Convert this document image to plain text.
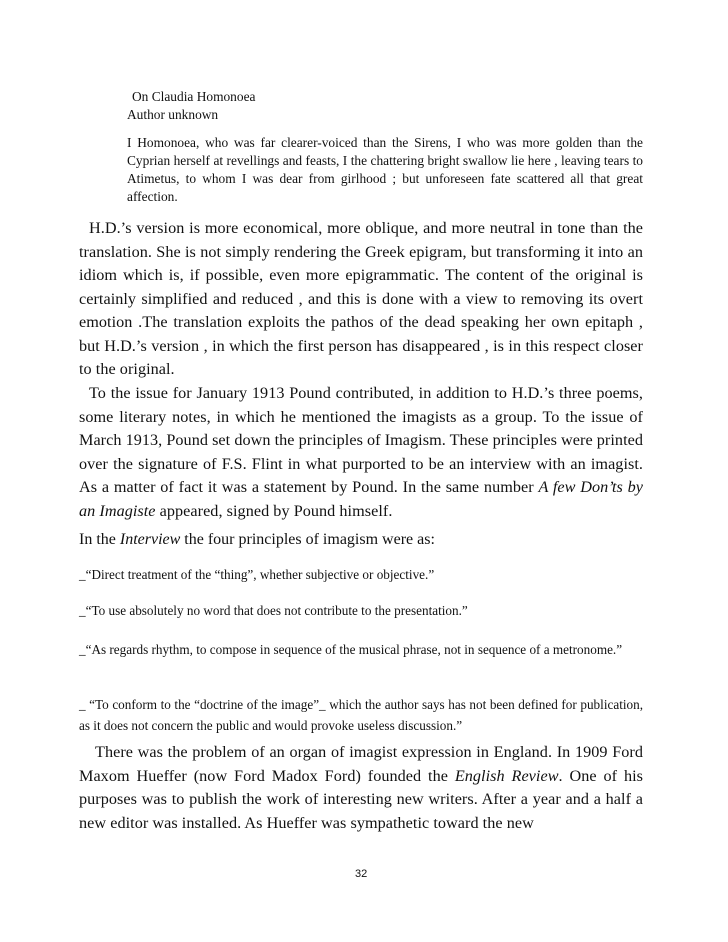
On Claudia Homonoea
Author unknown
I Homonoea, who was far clearer-voiced than the Sirens, I who was more golden than the Cyprian herself at revellings and feasts, I the chattering bright swallow lie here , leaving tears to Atimetus, to whom I was dear from girlhood ; but unforeseen fate scattered all that great affection.
H.D.’s version is more economical, more oblique, and more neutral in tone than the translation. She is not simply rendering the Greek epigram, but transforming it into an idiom which is, if possible, even more epigrammatic. The content of the original is certainly simplified and reduced , and this is done with a view to removing its overt emotion .The translation exploits the pathos of the dead speaking her own epitaph , but H.D.’s version , in which the first person has disappeared , is in this respect closer to the original.
To the issue for January 1913 Pound contributed, in addition to H.D.’s three poems, some literary notes, in which he mentioned the imagists as a group. To the issue of March 1913, Pound set down the principles of Imagism. These principles were printed over the signature of F.S. Flint in what purported to be an interview with an imagist. As a matter of fact it was a statement by Pound. In the same number A few Don’ts by an Imagiste appeared, signed by Pound himself.
In the Interview the four principles of imagism were as:
_“Direct treatment of the “thing”, whether subjective or objective.”
_“To use absolutely no word that does not contribute to the presentation.”
_“As regards rhythm, to compose in sequence of the musical phrase, not in sequence of a metronome.”
_ “To conform to the “doctrine of the image”_ which the author says has not been defined for publication, as it does not concern the public and would provoke useless discussion.”
There was the problem of an organ of imagist expression in England. In 1909 Ford Maxom Hueffer (now Ford Madox Ford) founded the English Review. One of his purposes was to publish the work of interesting new writers. After a year and a half a new editor was installed. As Hueffer was sympathetic toward the new
32
